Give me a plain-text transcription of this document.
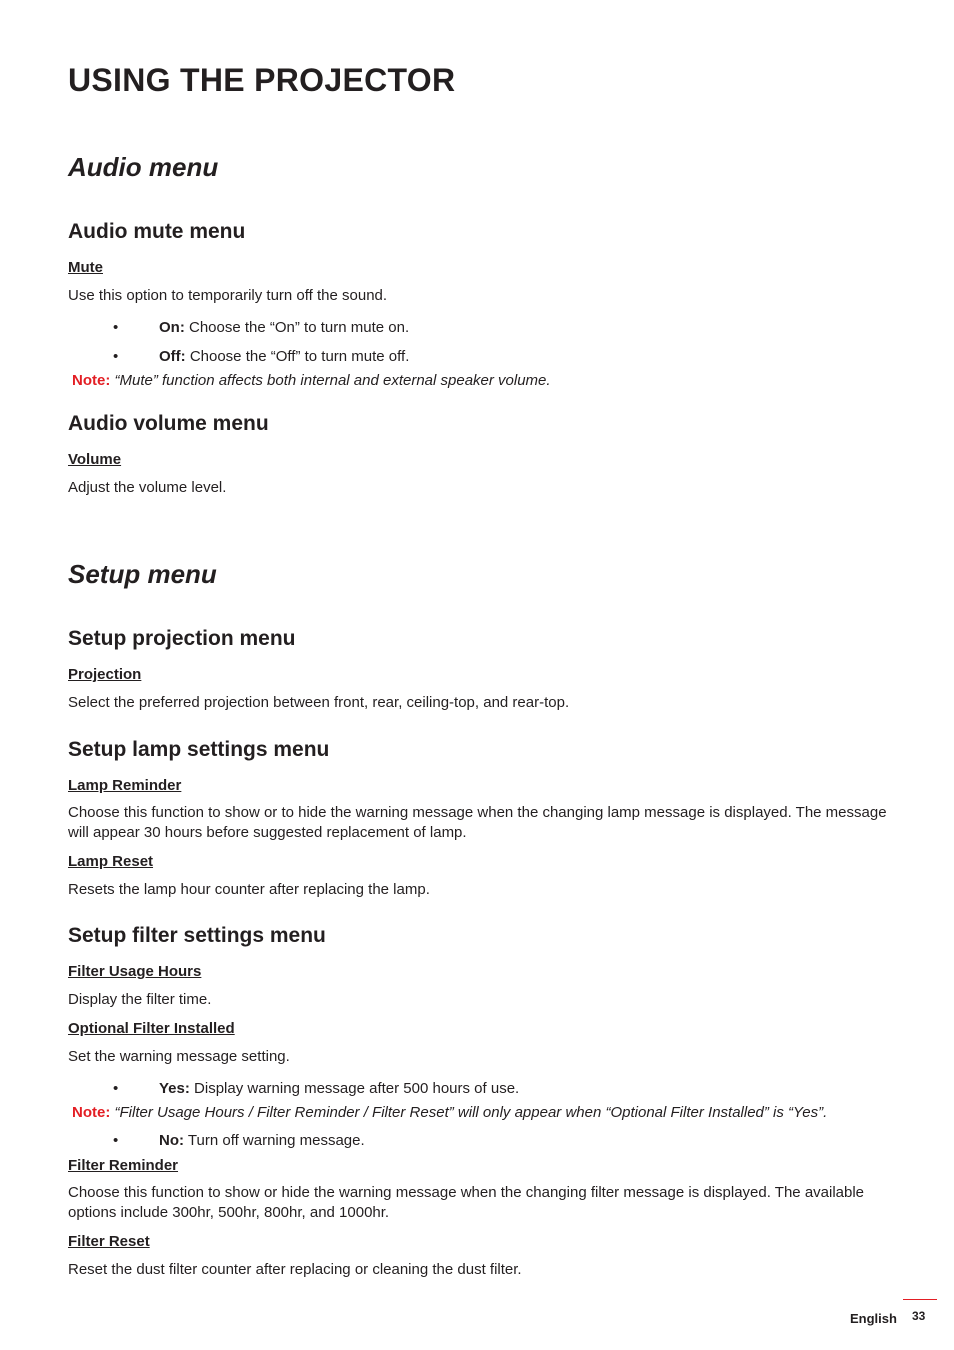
USING THE PROJECTOR
Audio menu
Audio mute menu
Mute
Use this option to temporarily turn off the sound.
•	On: Choose the “On” to turn mute on.
•	Off: Choose the “Off” to turn mute off.
Note: “Mute” function affects both internal and external speaker volume.
Audio volume menu
Volume
Adjust the volume level.
Setup menu
Setup projection menu
Projection
Select the preferred projection between front, rear, ceiling-top, and rear-top.
Setup lamp settings menu
Lamp Reminder
Choose this function to show or to hide the warning message when the changing lamp message is displayed. The message will appear 30 hours before suggested replacement of lamp.
Lamp Reset
Resets the lamp hour counter after replacing the lamp.
Setup filter settings menu
Filter Usage Hours
Display the filter time.
Optional Filter Installed
Set the warning message setting.
•	Yes: Display warning message after 500 hours of use.
Note: “Filter Usage Hours / Filter Reminder / Filter Reset” will only appear when “Optional Filter Installed” is “Yes”.
•	No: Turn off warning message.
Filter Reminder
Choose this function to show or hide the warning message when the changing filter message is displayed. The available options include 300hr, 500hr, 800hr, and 1000hr.
Filter Reset
Reset the dust filter counter after replacing or cleaning the dust filter.
English 33
